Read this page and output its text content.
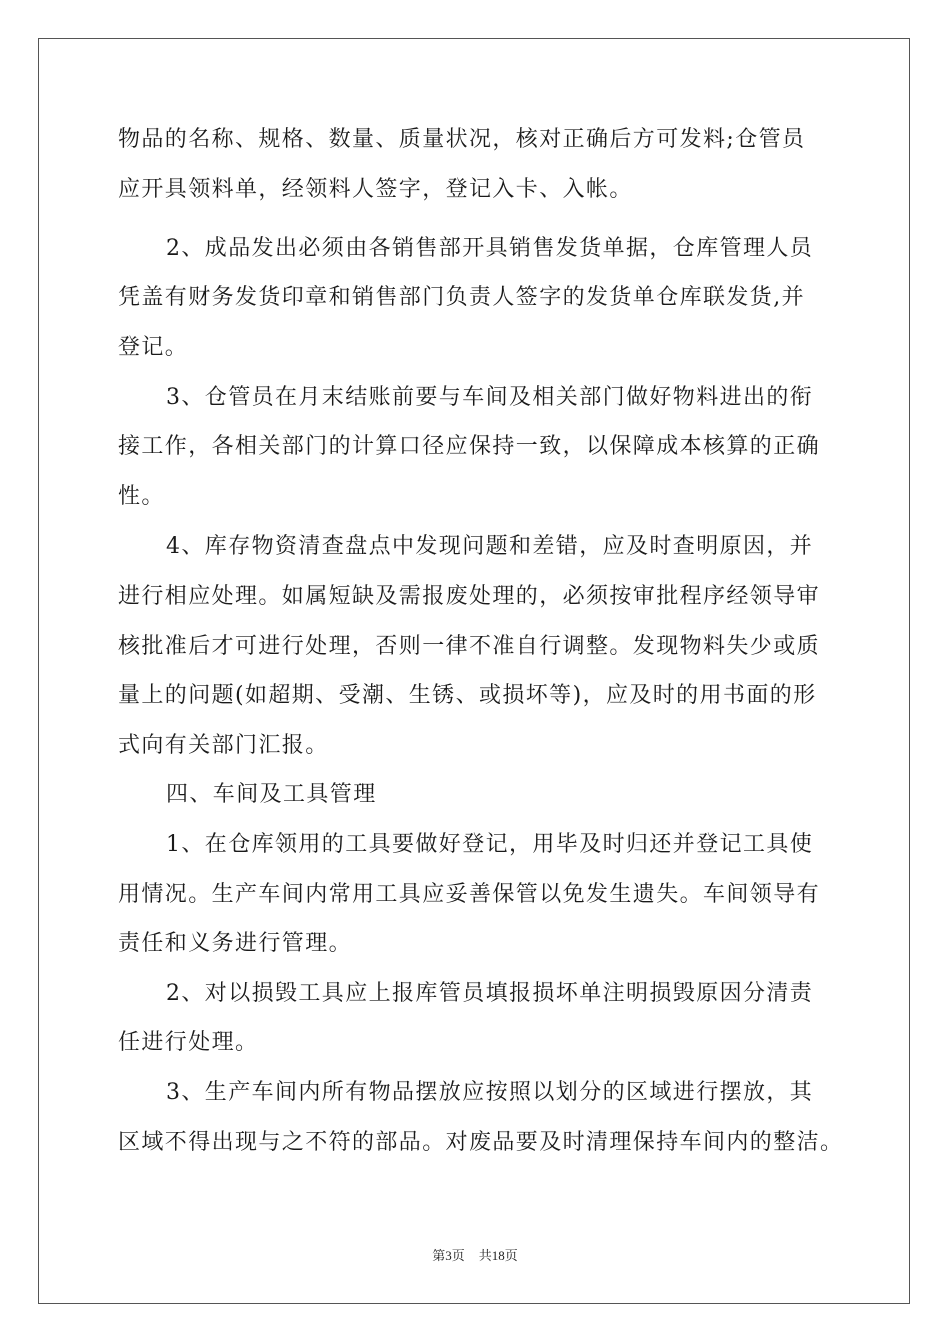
物品的名称、规格、数量、质量状况，核对正确后方可发料;仓管员
应开具领料单，经领料人签字，登记入卡、入帐。
2、成品发出必须由各销售部开具销售发货单据，仓库管理人员
凭盖有财务发货印章和销售部门负责人签字的发货单仓库联发货,并
登记。
3、仓管员在月末结账前要与车间及相关部门做好物料进出的衔
接工作，各相关部门的计算口径应保持一致，以保障成本核算的正确
性。
4、库存物资清查盘点中发现问题和差错，应及时查明原因，并
进行相应处理。如属短缺及需报废处理的，必须按审批程序经领导审
核批准后才可进行处理，否则一律不准自行调整。发现物料失少或质
量上的问题(如超期、受潮、生锈、或损坏等)，应及时的用书面的形
式向有关部门汇报。
四、车间及工具管理
1、在仓库领用的工具要做好登记，用毕及时归还并登记工具使
用情况。生产车间内常用工具应妥善保管以免发生遗失。车间领导有
责任和义务进行管理。
2、对以损毁工具应上报库管员填报损坏单注明损毁原因分清责
任进行处理。
3、生产车间内所有物品摆放应按照以划分的区域进行摆放，其
区域不得出现与之不符的部品。对废品要及时清理保持车间内的整洁。
第3页 共18页
